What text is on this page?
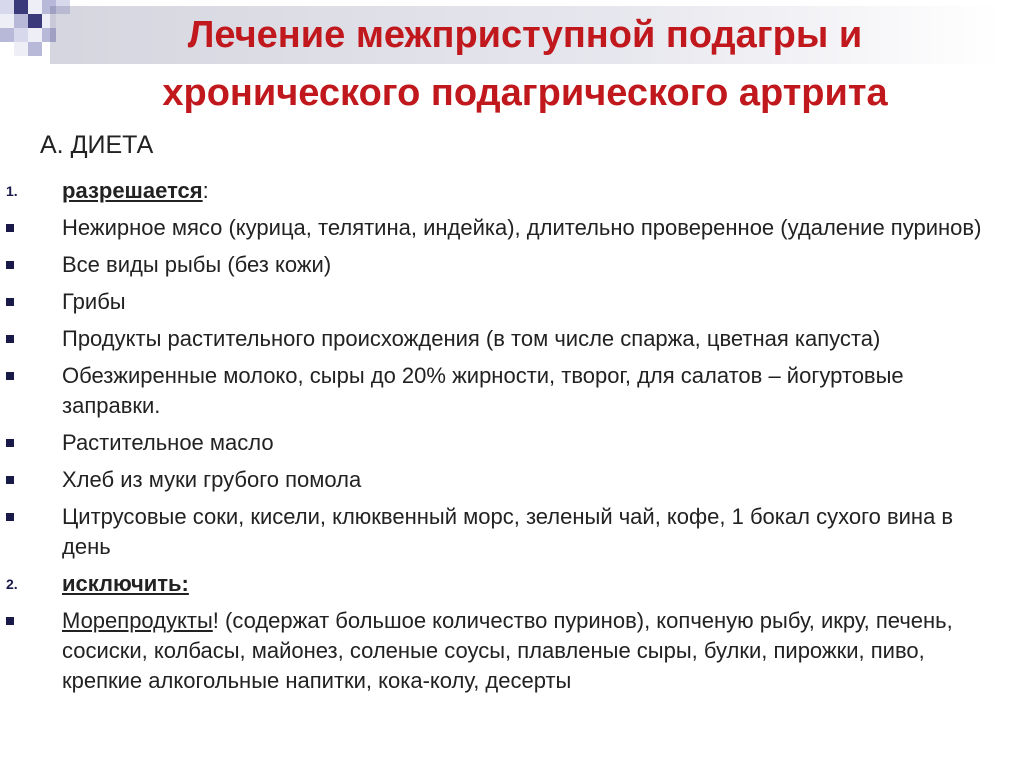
Лечение межприступной подагры и
хронического подагрического артрита

А. ДИЕТА

1.	разрешается:
Нежирное мясо (курица, телятина, индейка), длительно проверенное (удаление пуринов)
Все виды рыбы (без кожи)
Грибы
Продукты растительного происхождения (в том числе спаржа, цветная капуста)
Обезжиренные молоко, сыры до 20% жирности, творог, для салатов – йогуртовые заправки.
Растительное масло
Хлеб из муки грубого помола
Цитрусовые соки, кисели, клюквенный морс, зеленый чай, кофе, 1 бокал сухого вина в день
2.	исключить:
Морепродукты! (содержат большое количество пуринов), копченую рыбу, икру, печень, сосиски, колбасы, майонез, соленые соусы, плавленые сыры, булки, пирожки, пиво, крепкие алкогольные напитки, кока-колу, десерты
